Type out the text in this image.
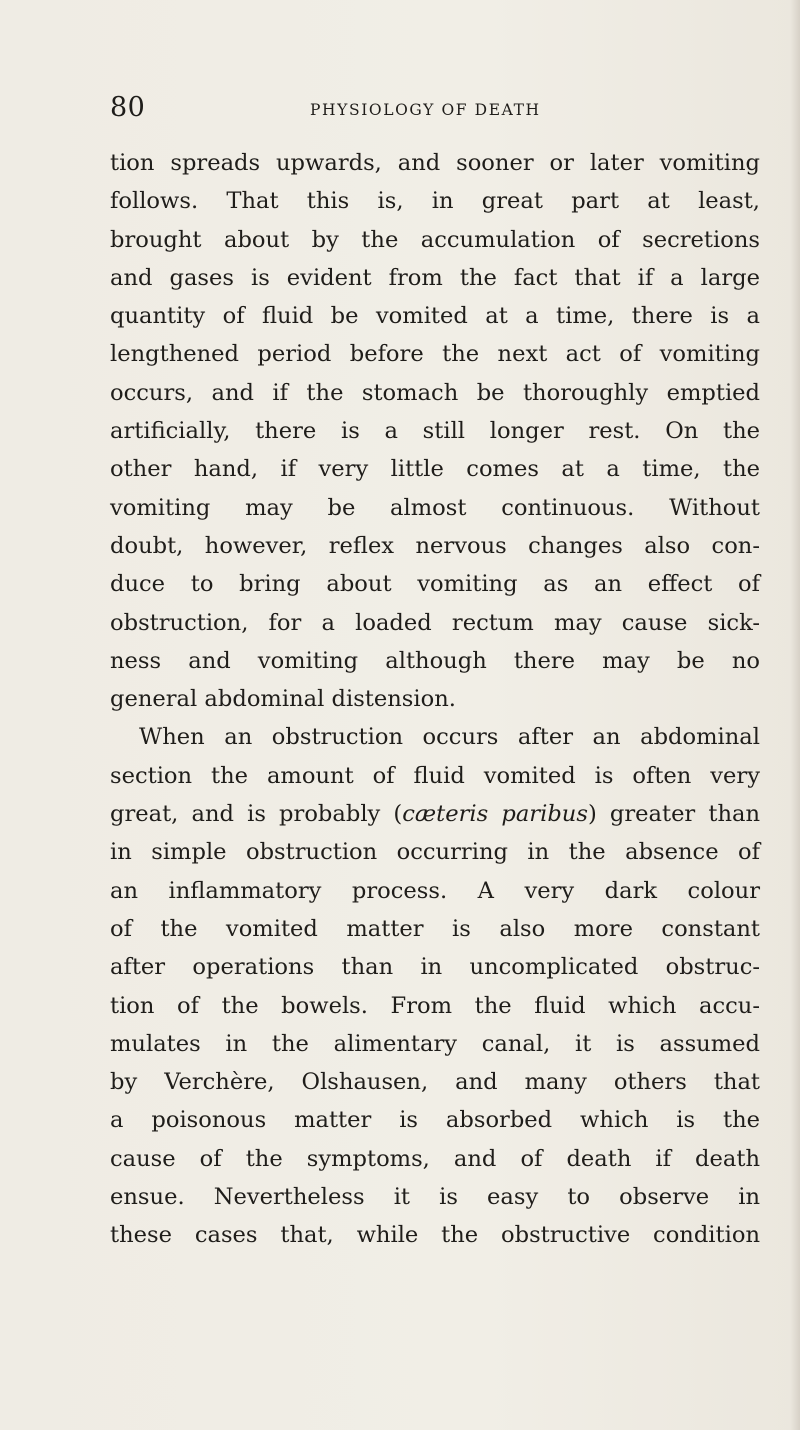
80	PHYSIOLOGY OF DEATH
tion spreads upwards, and sooner or later vomiting
follows. That this is, in great part at least,
brought about by the accumulation of secretions
and gases is evident from the fact that if a large
quantity of fluid be vomited at a time, there is a
lengthened period before the next act of vomiting
occurs, and if the stomach be thoroughly emptied
artificially, there is a still longer rest. On the
other hand, if very little comes at a time, the
vomiting may be almost continuous. Without
doubt, however, reflex nervous changes also con-
duce to bring about vomiting as an effect of
obstruction, for a loaded rectum may cause sick-
ness and vomiting although there may be no
general abdominal distension.
When an obstruction occurs after an abdominal
section the amount of fluid vomited is often very
great, and is probably (cæteris paribus) greater than
in simple obstruction occurring in the absence of
an inflammatory process. A very dark colour
of the vomited matter is also more constant
after operations than in uncomplicated obstruc-
tion of the bowels. From the fluid which accu-
mulates in the alimentary canal, it is assumed
by Verchère, Olshausen, and many others that
a poisonous matter is absorbed which is the
cause of the symptoms, and of death if death
ensue. Nevertheless it is easy to observe in
these cases that, while the obstructive condition
